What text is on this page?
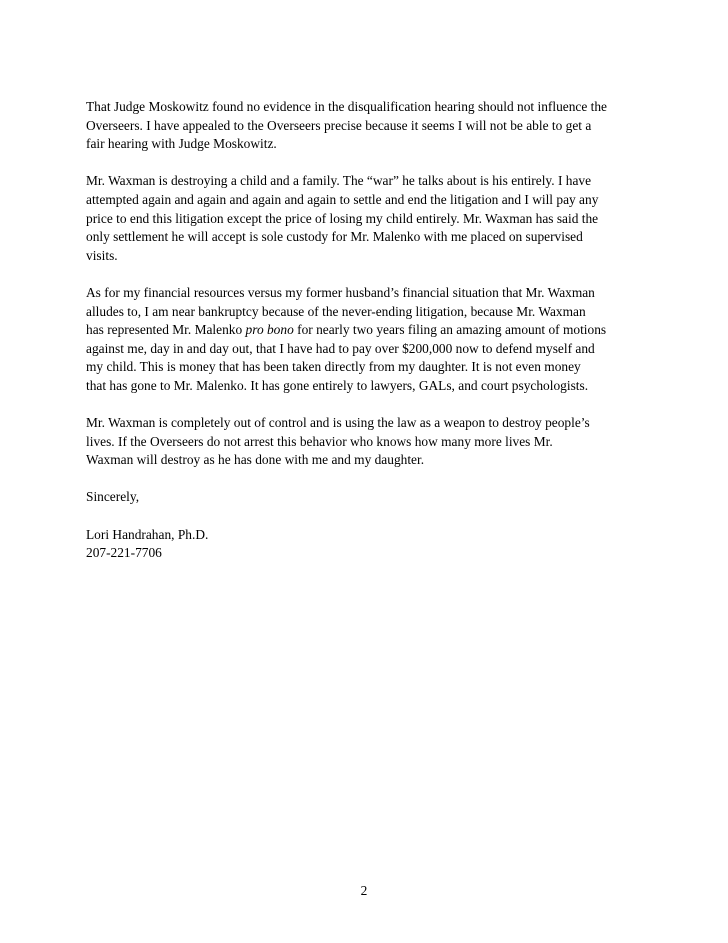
That Judge Moskowitz found no evidence in the disqualification hearing should not influence the
Overseers. I have appealed to the Overseers precise because it seems I will not be able to get a
fair hearing with Judge Moskowitz.

Mr. Waxman is destroying a child and a family. The “war” he talks about is his entirely. I have
attempted again and again and again and again to settle and end the litigation and I will pay any
price to end this litigation except the price of losing my child entirely. Mr. Waxman has said the
only settlement he will accept is sole custody for Mr. Malenko with me placed on supervised
visits.

As for my financial resources versus my former husband’s financial situation that Mr. Waxman
alludes to, I am near bankruptcy because of the never-ending litigation, because Mr. Waxman
has represented Mr. Malenko pro bono for nearly two years filing an amazing amount of motions
against me, day in and day out, that I have had to pay over $200,000 now to defend myself and
my child. This is money that has been taken directly from my daughter. It is not even money
that has gone to Mr. Malenko. It has gone entirely to lawyers, GALs, and court psychologists.

Mr. Waxman is completely out of control and is using the law as a weapon to destroy people’s
lives. If the Overseers do not arrest this behavior who knows how many more lives Mr.
Waxman will destroy as he has done with me and my daughter.

Sincerely,

Lori Handrahan, Ph.D.
207-221-7706

2
